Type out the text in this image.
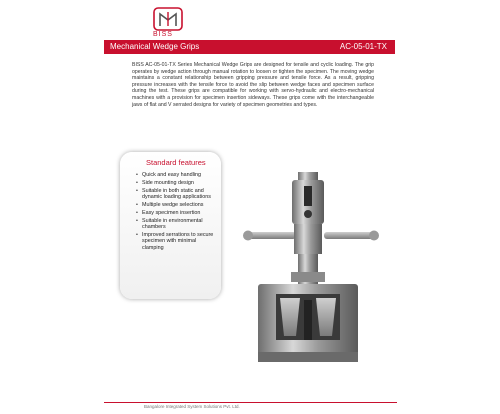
BISS
Mechanical Wedge Grips	AC-05-01-TX
BISS AC-05-01-TX Series Mechanical Wedge Grips are designed for tensile and cyclic loading. The grip operates by wedge action through manual rotation to loosen or tighten the specimen. The moving wedge maintains a constant relationship between gripping pressure and tensile force. As a result, gripping pressure increases with the tensile force to avoid the slip between wedge faces and specimen surface during the test. These grips are compatible for working with servo-hydraulic and electro-mechanical machines with a provision for specimen insertion sideways. These grips come with the interchangeable jaws of flat and V serrated designs for variety of specimen geometries and types.
Standard features
• Quick and easy handling
• Side mounting design
• Suitable in both static and dynamic loading applications
• Multiple wedge selections
• Easy specimen insertion
• Suitable in environmental chambers
• Improved serrations to secure specimen with minimal clamping
Bangalore Integrated System Solutions Pvt. Ltd.
